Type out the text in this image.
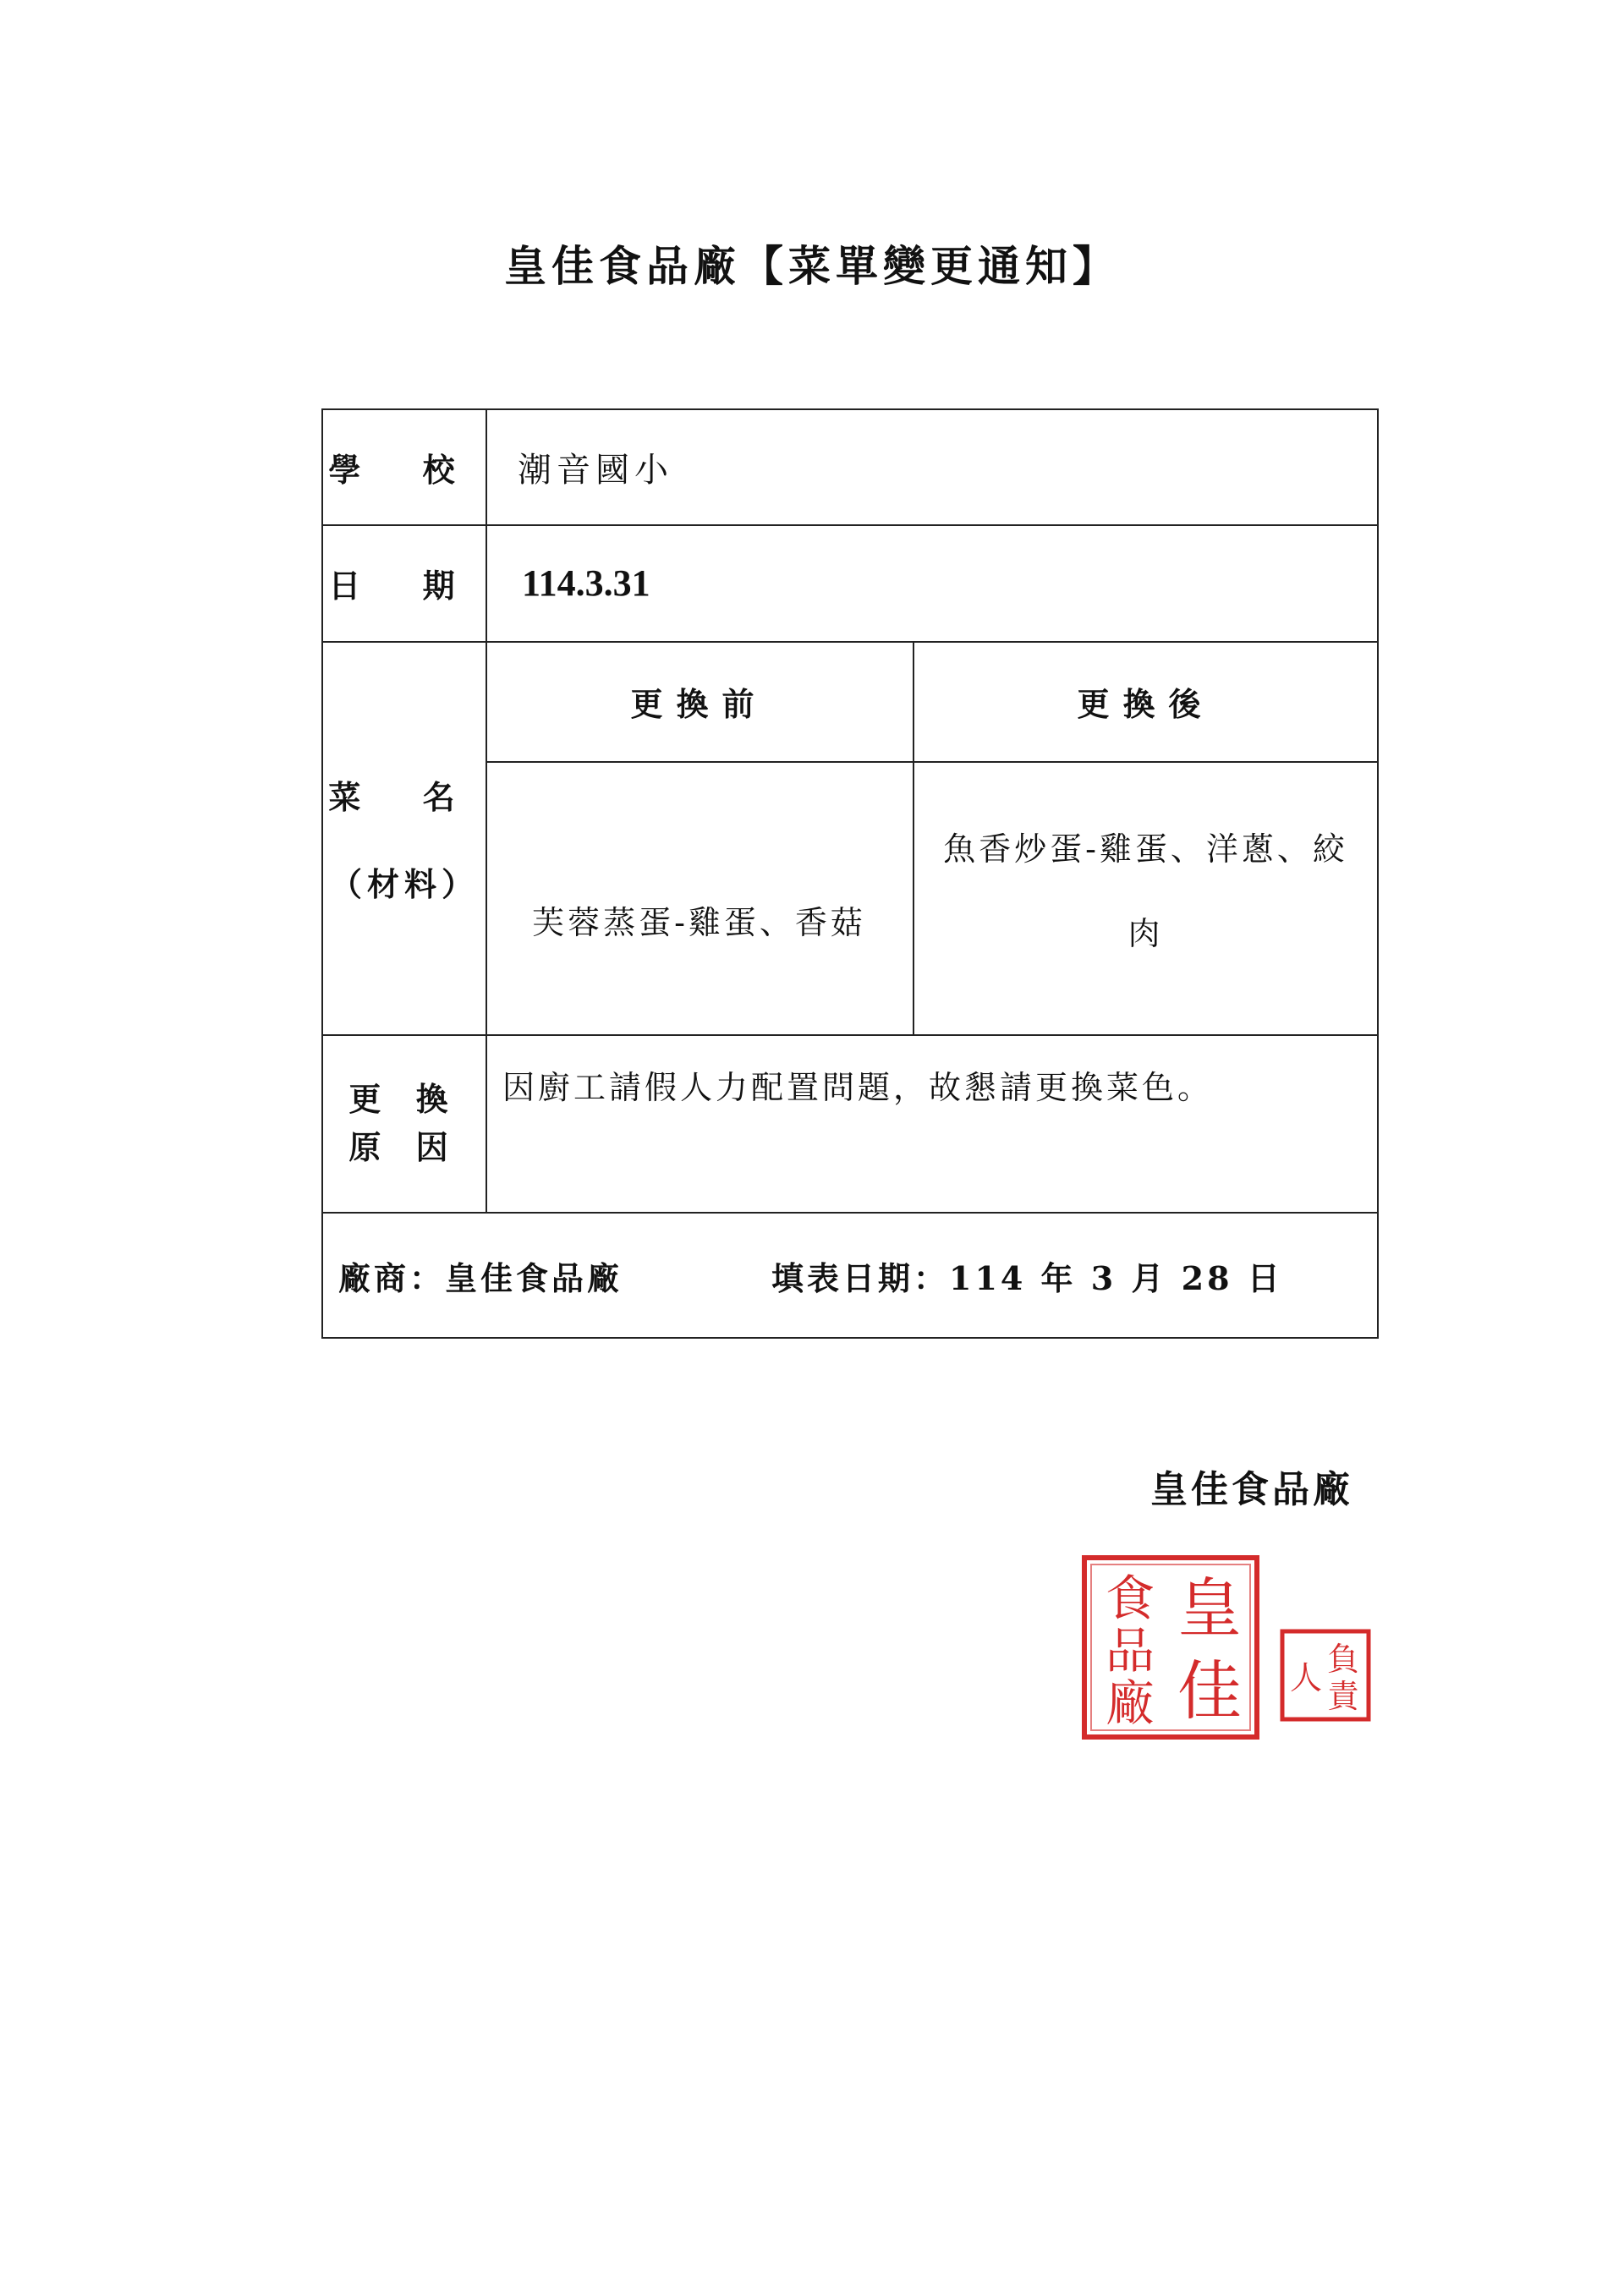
皇佳食品廠【菜單變更通知】
學 校 潮音國小
日 期 114.3.31
菜 名
（材料）
更換前	更換後
芙蓉蒸蛋-雞蛋、香菇
魚香炒蛋-雞蛋、洋蔥、絞
肉
更 換
原 因
因廚工請假人力配置問題，故懇請更換菜色。
廠商：皇佳食品廠	填表日期：114 年 3 月 28 日
皇佳食品廠
皇
佳
食
品
廠
負
責
人
